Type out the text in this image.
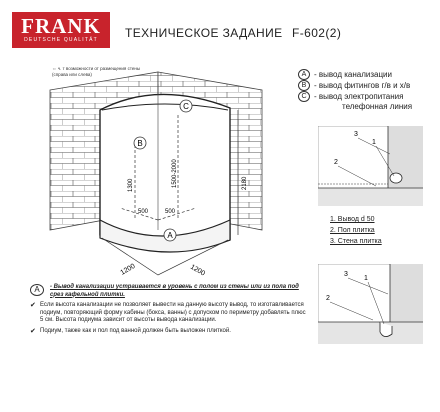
FRANK
DEUTSCHE QUALITÄT	ТЕХНИЧЕСКОЕ ЗАДАНИЕ F-602(2)
⇔ ч. т возможности от размещения стены
(справа или слева)	A - вывод канализации
B - вывод фитингов г/в и х/в
C - вывод электропитания
телефонная линия
B
C
A
1200	1200
500	500
1300	1500-2000	2180
3
2
1
1. Вывод d 50
2. Пол плитка
3. Стена плитка
3
2
1
A	- Вывод канализации устраивается в уровень с полом из стены или из пола под срез кафельной плитки.
✔ Если высота канализации не позволяет вывести на данную высоту вывод, то изготавливается подиум, повторяющий форму кабины (бокса, ванны) с допуском по периметру добавлять плюс 5 см. Высота подиума зависит от высоты вывода канализации.
✔ Подиум, также как и пол под ванной должен быть выложен плиткой.
